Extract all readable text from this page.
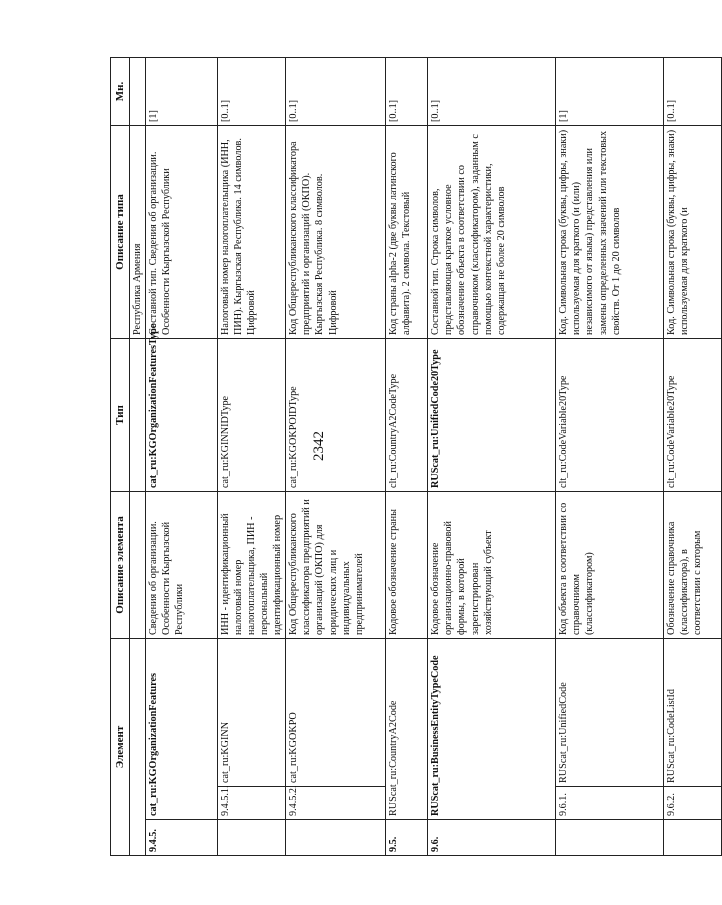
2342
Элемент			Описание элемента	Тип	Описание типа	Мн.
					Республика Армения	
9.4.5.	cat_ru:KGOrganizationFeatures		Сведения об организации. Особенности Кыргызской Республики	cat_ru:KGOrganizationFeaturesType	Составной тип. Сведения об организации. Особенности Кыргызской Республики	[1]
	9.4.5.1.	cat_ru:KGINN	ИНН - идентификационный налоговый номер налогоплательщика, ПИН - персональный идентификационный номер	cat_ru:KGINNIDType	Налоговый номер налогоплательщика (ИНН, ПИН). Кыргызская Республика. 14 символов. Цифровой	[0..1]
	9.4.5.2.	cat_ru:KGOKPO	Код Общереспубликанского классификатора предприятий и организаций (ОКПО) для юридических лиц и индивидуальных предпринимателей	cat_ru:KGOKPOIDType	Код Общереспубликанского классификатора предприятий и организаций (ОКПО). Кыргызская Республика. 8 символов. Цифровой	[0..1]
9.5.	RUScat_ru:CountryA2Code		Кодовое обозначение страны	clt_ru:CountryA2CodeType	Код страны alpha-2 (две буквы латинского алфавита). 2 символа. Текстовый	[0..1]
9.6.	RUScat_ru:BusinessEntityTypeCode		Кодовое обозначение организационно-правовой формы, в которой зарегистрирован хозяйствующий субъект	RUScat_ru:UnifiedCode20Type	Составной тип. Строка символов, представляющая краткое условное обозначение объекта в соответствии со справочником (классификатором), заданным с помощью контекстной характеристики, содержащая не более 20 символов	[0..1]
	9.6.1.	RUScat_ru:UnifiedCode	Код объекта в соответствии со справочником (классификатором)	clt_ru:CodeVariable20Type	Код. Символьная строка (буквы, цифры, знаки) используемая для краткого (и (или) независимого от языка) представления или замены определенных значений или текстовых свойств. От 1 до 20 символов	[1]
	9.6.2.	RUScat_ru:CodeListId	Обозначение справочника (классификатора), в соответствии с которым	clt_ru:CodeVariable20Type	Код. Символьная строка (буквы, цифры, знаки) используемая для краткого (и	[0..1]
